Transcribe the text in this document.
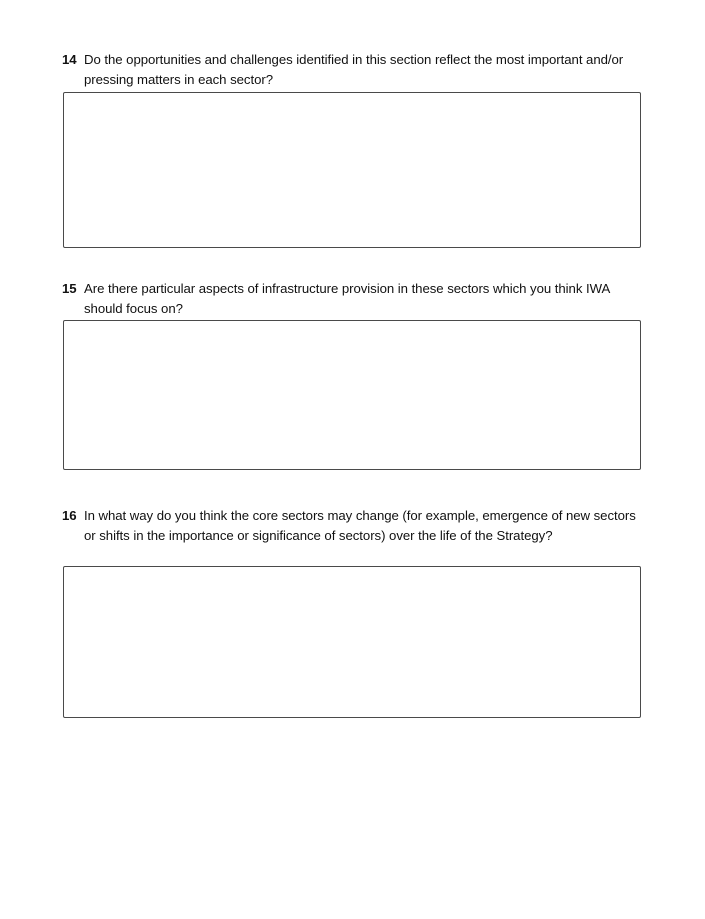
14 Do the opportunities and challenges identified in this section reflect the most important and/or pressing matters in each sector?
15 Are there particular aspects of infrastructure provision in these sectors which you think IWA should focus on?
16 In what way do you think the core sectors may change (for example, emergence of new sectors or shifts in the importance or significance of sectors) over the life of the Strategy?
